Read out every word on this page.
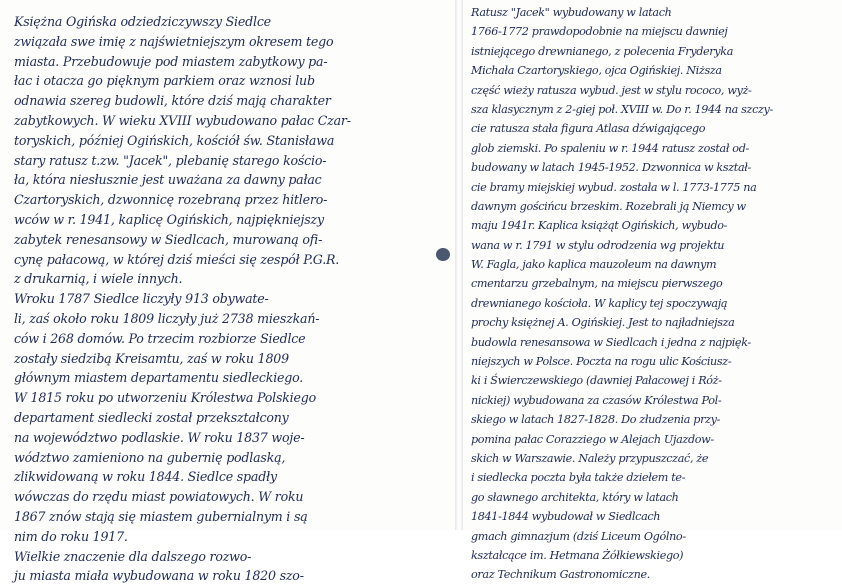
Księżna Ogińska odziedziczywszy Siedlce
związała swe imię z najświetniejszym okresem tego
miasta. Przebudowuje pod miastem zabytkowy pa-
łac i otacza go pięknym parkiem oraz wznosi lub
odnawia szereg budowli, które dziś mają charakter
zabytkowych. W wieku XVIII wybudowano pałac Czar-
toryskich, później Ogińskich, kościół św. Stanisława
stary ratusz t.zw. "Jacek", plebanię starego kościo-
ła, która niesłusznie jest uważana za dawny pałac
Czartoryskich, dzwonnicę rozebraną przez hitlero-
wców w r. 1941, kaplicę Ogińskich, najpiękniejszy
zabytek renesansowy w Siedlcach, murowaną ofi-
cynę pałacową, w której dziś mieści się zespół P.G.R.
z drukarnią, i wiele innych.
Wroku 1787 Siedlce liczyły 913 obywate-
li, zaś około roku 1809 liczyły już 2738 mieszkań-
ców i 268 domów. Po trzecim rozbiorze Siedlce
zostały siedzibą Kreisamtu, zaś w roku 1809
głównym miastem departamentu siedleckiego.
W 1815 roku po utworzeniu Królestwa Polskiego
departament siedlecki został przekształcony
na województwo podlaskie. W roku 1837 woje-
wództwo zamieniono na gubernię podlaską,
zlikwidowaną w roku 1844. Siedlce spadły
wówczas do rzędu miast powiatowych. W roku
1867 znów stają się miastem gubernialnym i są
nim do roku 1917.
Wielkie znaczenie dla dalszego rozwo-
ju miasta miała wybudowana w roku 1820 szo-
Ratusz "Jacek" wybudowany w latach
1766-1772 prawdopodobnie na miejscu dawniej
istniejącego drewnianego, z polecenia Fryderyka
Michała Czartoryskiego, ojca Ogińskiej. Niższa
część wieży ratusza wybud. jest w stylu rococo, wyż-
sza klasycznym z 2-giej poł. XVIII w. Do r. 1944 na szczy-
cie ratusza stała figura Atlasa dźwigającego
glob ziemski. Po spaleniu w r. 1944 ratusz został od-
budowany w latach 1945-1952. Dzwonnica w kształ-
cie bramy miejskiej wybud. została w l. 1773-1775 na
dawnym gościńcu brzeskim. Rozebrali ją Niemcy w
maju 1941r. Kaplica książąt Ogińskich, wybudo-
wana w r. 1791 w stylu odrodzenia wg projektu
W. Fagla, jako kaplica mauzoleum na dawnym
cmentarzu grzebalnym, na miejscu pierwszego
drewnianego kościoła. W kaplicy tej spoczywają
prochy księżnej A. Ogińskiej. Jest to najładniejsza
budowla renesansowa w Siedlcach i jedna z najpięk-
niejszych w Polsce. Poczta na rogu ulic Kościusz-
ki i Świerczewskiego (dawniej Pałacowej i Róż-
nickiej) wybudowana za czasów Królestwa Pol-
skiego w latach 1827-1828. Do złudzenia przy-
pomina pałac Corazziego w Alejach Ujazdow-
skich w Warszawie. Należy przypuszczać, że
i siedlecka poczta była także dziełem te-
go sławnego architekta, który w latach
1841-1844 wybudował w Siedlcach
gmach gimnazjum (dziś Liceum Ogólno-
kształcące im. Hetmana Żółkiewskiego)
oraz Technikum Gastronomiczne.
